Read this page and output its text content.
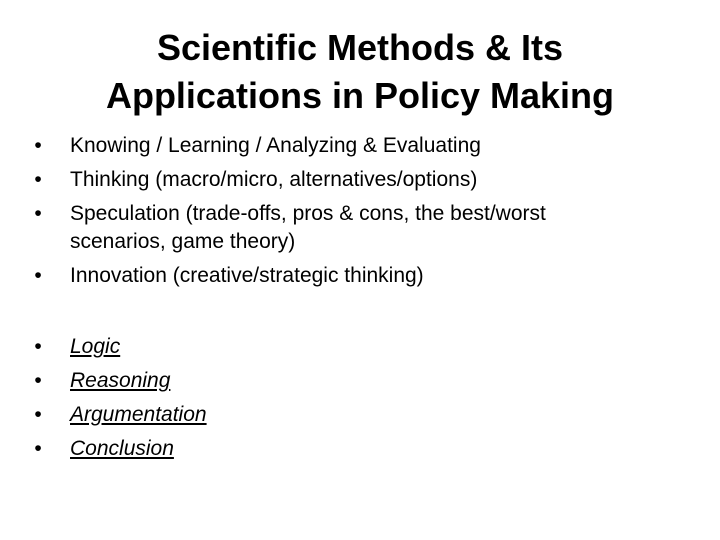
Scientific Methods & Its
Applications in Policy Making
•	Knowing / Learning / Analyzing & Evaluating
•	Thinking (macro/micro, alternatives/options)
•	Speculation (trade-offs, pros & cons, the best/worst
scenarios, game theory)
•	Innovation (creative/strategic thinking)
•	Logic
•	Reasoning
•	Argumentation
•	Conclusion
